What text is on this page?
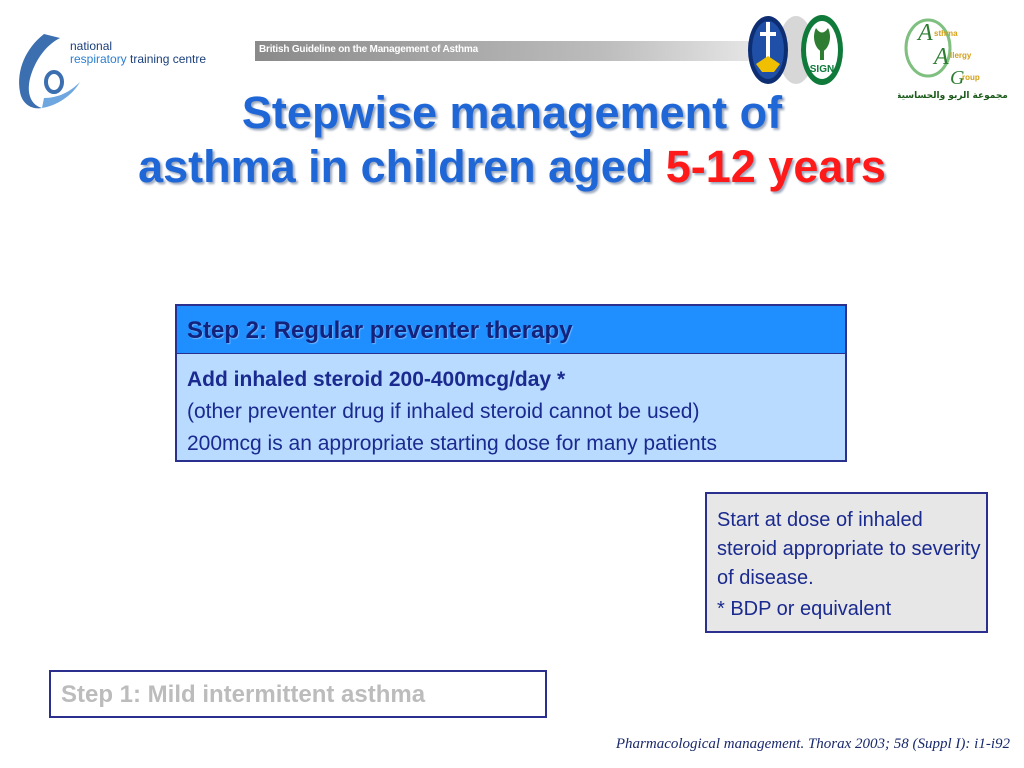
national
respiratory training centre
British Guideline on the Management of Asthma
SIGN
A
A
G
sthma
llergy
roup
مجموعة الربو والحساسية
Stepwise management of
asthma in children aged 5-12 years
Step 2: Regular preventer therapy
Add inhaled steroid 200-400mcg/day *
(other preventer drug if inhaled steroid cannot be used)
200mcg is an appropriate starting dose for many patients
Start at dose of inhaled steroid appropriate to severity of disease.
* BDP or equivalent
Step 1: Mild intermittent asthma
Pharmacological management. Thorax 2003; 58 (Suppl I): i1-i92
